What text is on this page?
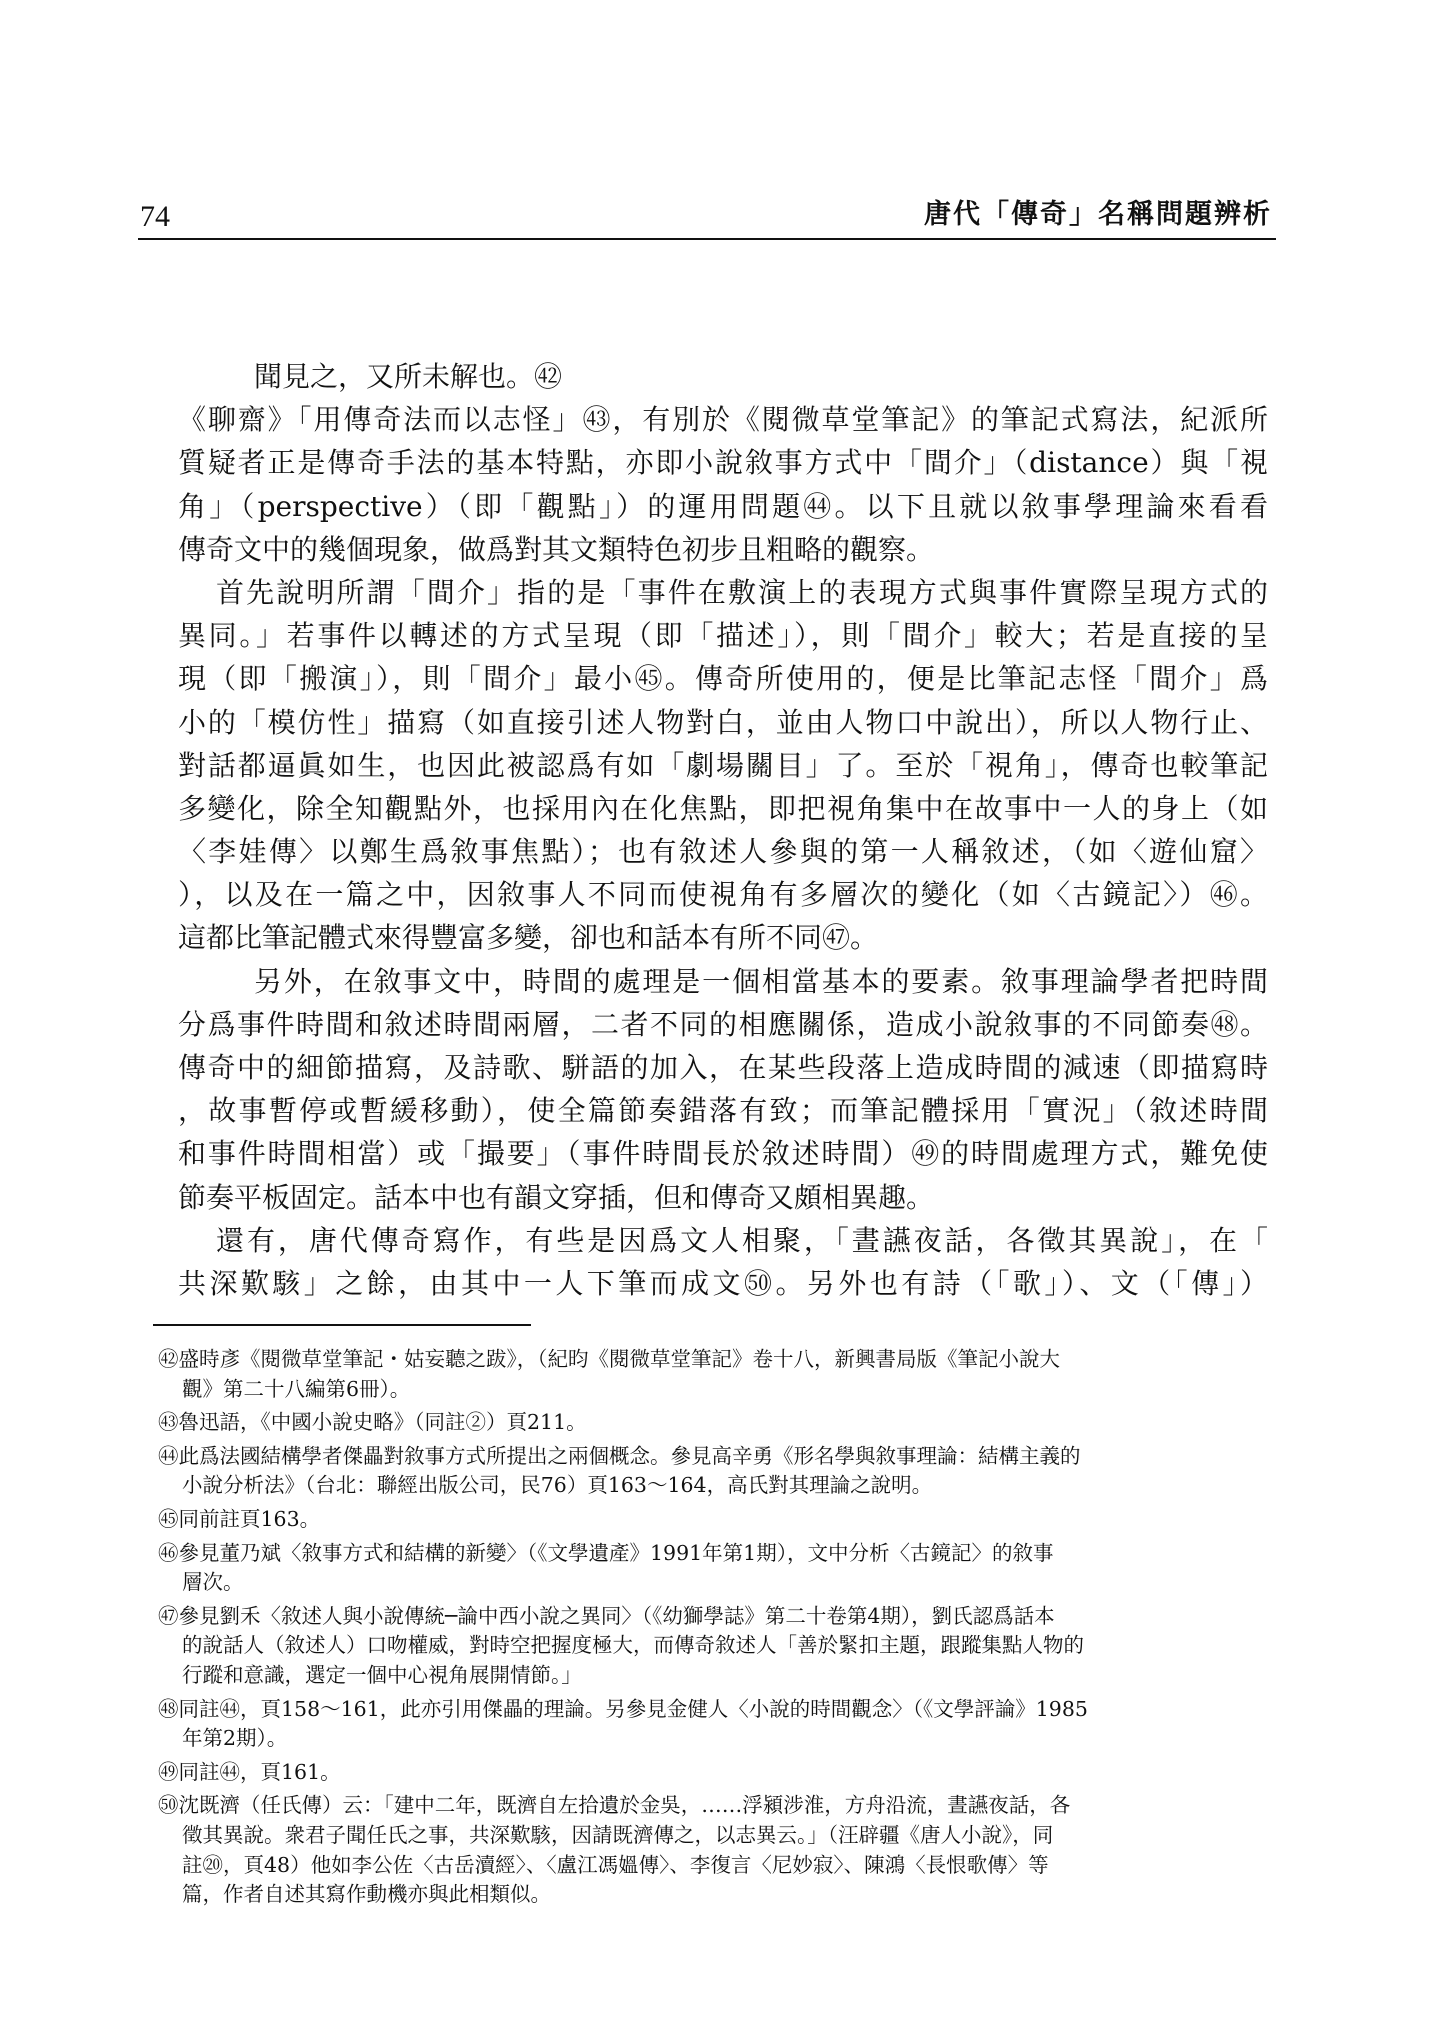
74	唐代「傳奇」名稱問題辨析

聞見之，又所未解也。㊷

《聊齋》「用傳奇法而以志怪」㊸，有別於《閱微草堂筆記》的筆記式寫法，紀派所
質疑者正是傳奇手法的基本特點，亦即小說敘事方式中「間介」（distance）與「視
角」（perspective）（即「觀點」）的運用問題㊹。以下且就以敘事學理論來看看
傳奇文中的幾個現象，做爲對其文類特色初步且粗略的觀察。

首先說明所謂「間介」指的是「事件在敷演上的表現方式與事件實際呈現方式的
異同。」若事件以轉述的方式呈現（即「描述」），則「間介」較大；若是直接的呈
現（即「搬演」），則「間介」最小㊺。傳奇所使用的，便是比筆記志怪「間介」爲
小的「模仿性」描寫（如直接引述人物對白，並由人物口中說出），所以人物行止、
對話都逼眞如生，也因此被認爲有如「劇場關目」了。至於「視角」，傳奇也較筆記
多變化，除全知觀點外，也採用內在化焦點，即把視角集中在故事中一人的身上（如
〈李娃傳〉以鄭生爲敘事焦點）；也有敘述人參與的第一人稱敘述，（如〈遊仙窟〉
），以及在一篇之中，因敘事人不同而使視角有多層次的變化（如〈古鏡記〉）㊻。
這都比筆記體式來得豐富多變，卻也和話本有所不同㊼。

另外，在敘事文中，時間的處理是一個相當基本的要素。敘事理論學者把時間
分爲事件時間和敘述時間兩層，二者不同的相應關係，造成小說敘事的不同節奏㊽。
傳奇中的細節描寫，及詩歌、駢語的加入，在某些段落上造成時間的減速（即描寫時
，故事暫停或暫緩移動），使全篇節奏錯落有致；而筆記體採用「實況」（敘述時間
和事件時間相當）或「撮要」（事件時間長於敘述時間）㊾的時間處理方式，難免使
節奏平板固定。話本中也有韻文穿插，但和傳奇又頗相異趣。

還有，唐代傳奇寫作，有些是因爲文人相聚，「晝讌夜話，各徵其異說」，在「
共深歎駭」之餘，由其中一人下筆而成文㊿。另外也有詩（「歌」）、文（「傳」）

㊷盛時彥《閱微草堂筆記・姑妄聽之跋》，（紀昀《閱微草堂筆記》卷十八，新興書局版《筆記小說大
觀》第二十八編第6冊）。
㊸魯迅語，《中國小說史略》（同註②）頁211。
㊹此爲法國結構學者傑畾對敘事方式所提出之兩個概念。參見高辛勇《形名學與敘事理論：結構主義的
小說分析法》（台北：聯經出版公司，民76）頁163～164，高氏對其理論之說明。
㊺同前註頁163。
㊻參見董乃斌〈敘事方式和結構的新變〉（《文學遺產》1991年第1期），文中分析〈古鏡記〉的敘事
層次。
㊼參見劉禾〈敘述人與小說傳統─論中西小說之異同〉（《幼獅學誌》第二十卷第4期），劉氏認爲話本
的說話人（敘述人）口吻權威，對時空把握度極大，而傳奇敘述人「善於緊扣主題，跟蹤集點人物的
行蹤和意識，選定一個中心視角展開情節。」
㊽同註㊹，頁158～161，此亦引用傑畾的理論。另參見金健人〈小說的時間觀念〉（《文學評論》1985
年第2期）。
㊾同註㊹，頁161。
㊿沈既濟（任氏傳）云：「建中二年，既濟自左拾遺於金吳，……浮潁涉淮，方舟沿流，晝讌夜話，各
徵其異說。衆君子聞任氏之事，共深歎駭，因請既濟傳之，以志異云。」（汪辟疆《唐人小說》，同
註⑳，頁48）他如李公佐〈古岳瀆經〉、〈盧江馮媼傳〉、李復言〈尼妙寂〉、陳鴻〈長恨歌傳〉等
篇，作者自述其寫作動機亦與此相類似。
